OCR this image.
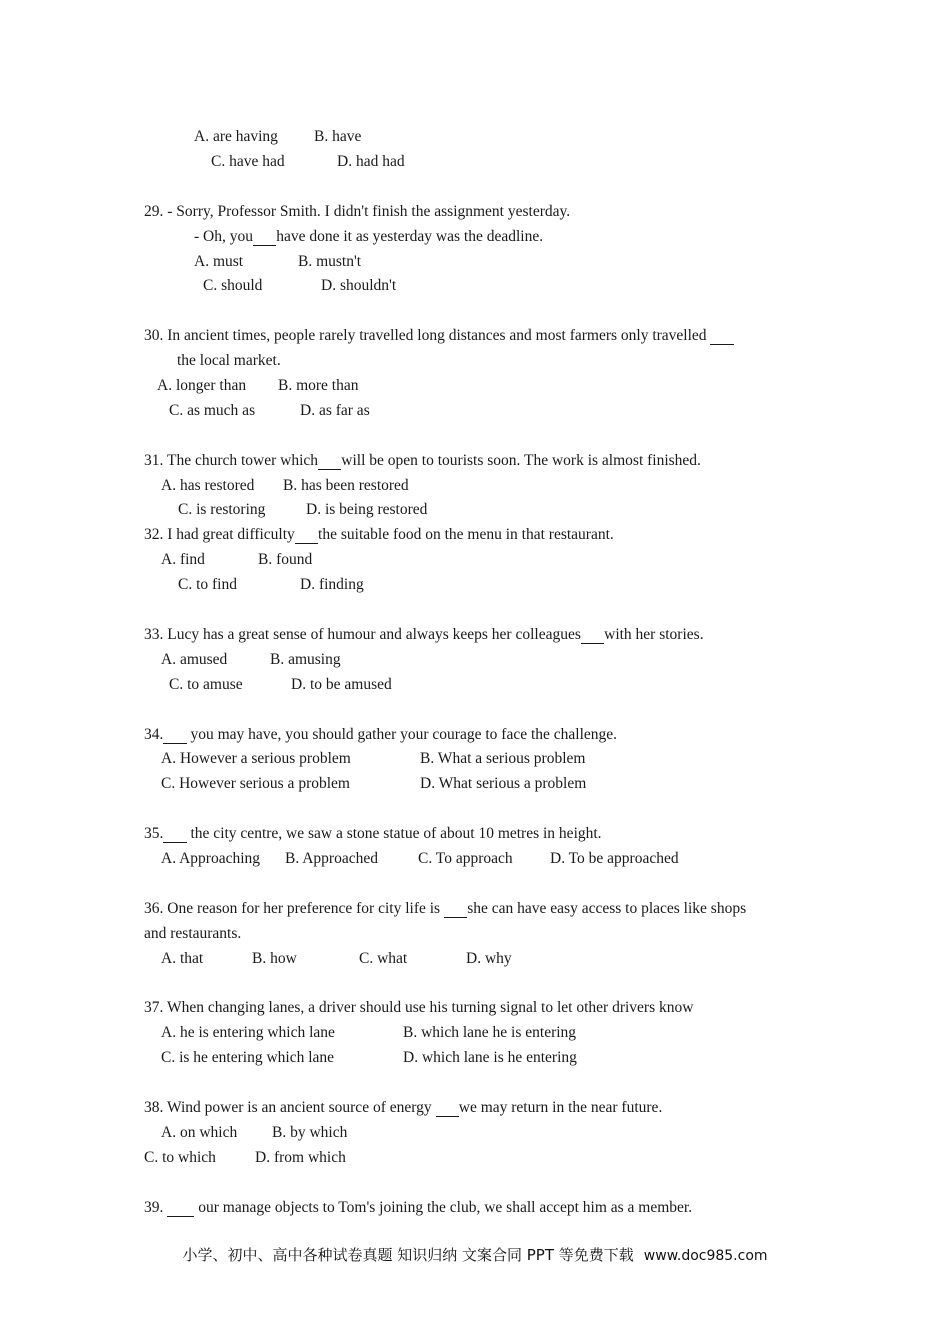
A. are having B. have
C. have had	D. had had
29. - Sorry, Professor Smith. I didn't finish the assignment yesterday.
- Oh, you have done it as yesterday was the deadline.
A. must	B. mustn't
C. should	D. shouldn't
30. In ancient times, people rarely travelled long distances and most farmers only travelled
the local market.
A. longer than B. more than
C. as much as	D. as far as
31. The church tower which will be open to tourists soon. The work is almost finished.
A. has restored B. has been restored
C. is restoring	D. is being restored
32. I had great difficulty the suitable food on the menu in that restaurant.
A. find	B. found
C. to find	D. finding
33. Lucy has a great sense of humour and always keeps her colleagues with her stories.
A. amused	B. amusing
C. to amuse	D. to be amused
34.       you may have, you should gather your courage to face the challenge.
A. However a serious problem	B. What a serious problem
C. However serious a problem	D. What serious a problem
35.       the city centre, we saw a stone statue of about 10 metres in height.
A. Approaching B. Approached	C. To approach D. To be approached
36. One reason for her preference for city life is       she can have easy access to places like shops
and restaurants.
A. that	B. how	C. what	D. why
37. When changing lanes, a driver should use his turning signal to let other drivers know
A. he is entering which lane	B. which lane he is entering
C. is he entering which lane	D. which lane is he entering
38. Wind power is an ancient source of energy       we may return in the near future.
A. on which B. by which
C. to which	D. from which
39.         our manage objects to Tom's joining the club, we shall accept him as a member.
小学、初中、高中各种试卷真题 知识归纳 文案合同 PPT 等免费下载 www.doc985.com
